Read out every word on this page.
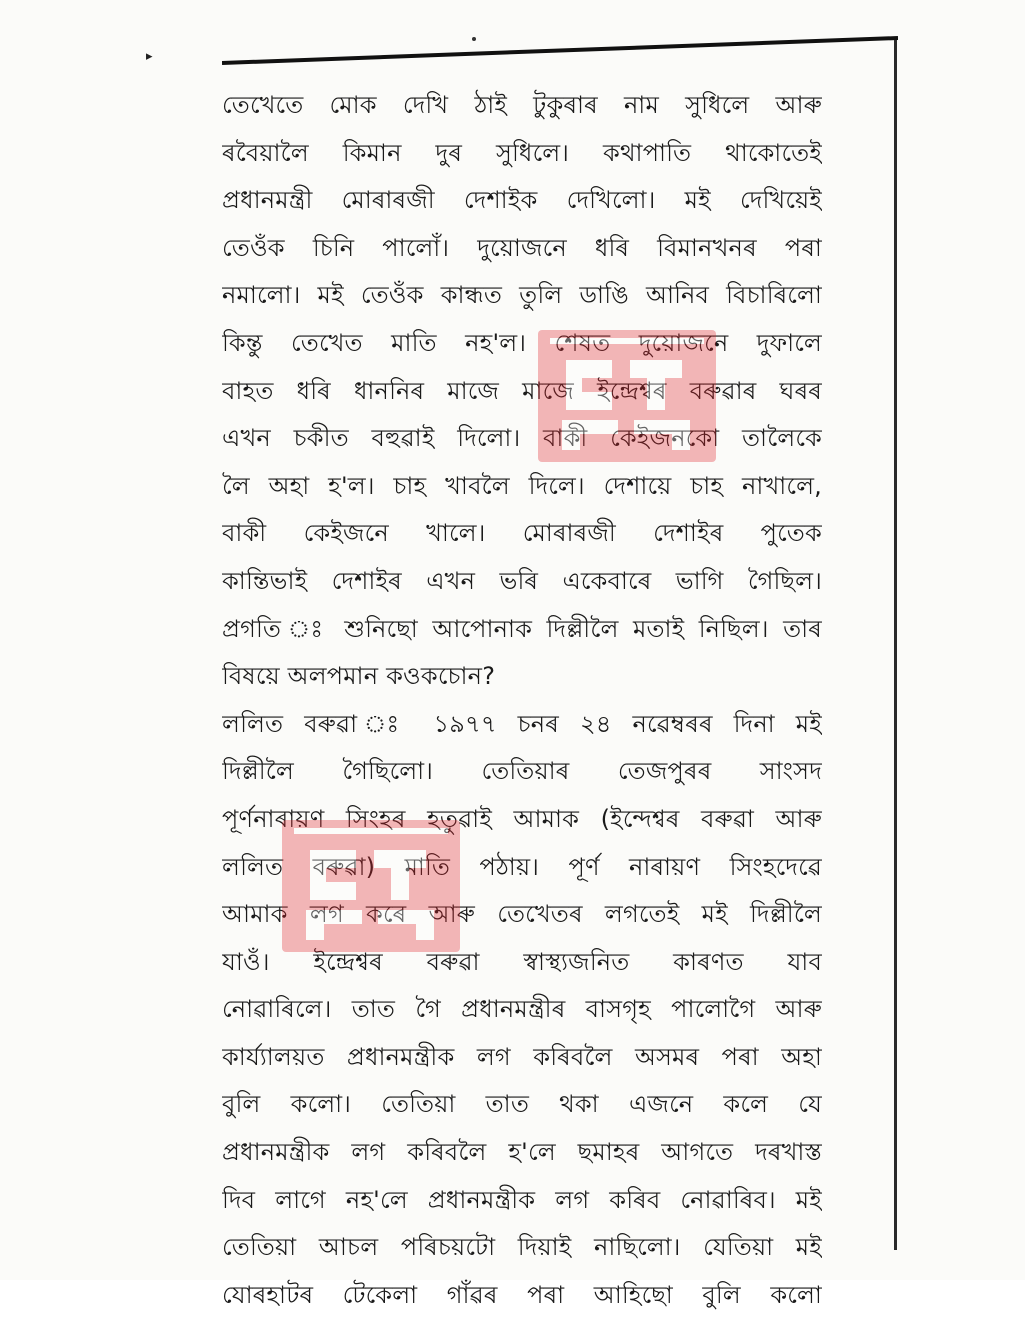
▸
তেখেতে মোক দেখি ঠাই টুকুৰাৰ নাম সুধিলে আৰু
ৰবৈয়ালৈ কিমান দুৰ সুধিলে। কথাপাতি থাকোতেই
প্ৰধানমন্ত্ৰী মোৰাৰজী দেশাইক দেখিলো। মই দেখিয়েই
তেওঁক চিনি পালোঁ। দুয়োজনে ধৰি বিমানখনৰ পৰা
নমালো। মই তেওঁক কান্ধত তুলি ডাঙি আনিব বিচাৰিলো
কিন্তু তেখেত মাতি নহ'ল। শেষত দুয়োজনে দুফালে
বাহত ধৰি ধাননিৰ মাজে মাজে ইন্দ্ৰেশ্বৰ বৰুৱাৰ ঘৰৰ
এখন চকীত বহুৱাই দিলো। বাকী কেইজনকো তালৈকে
লৈ অহা হ'ল। চাহ খাবলৈ দিলে। দেশায়ে চাহ নাখালে,
বাকী কেইজনে খালে। মোৰাৰজী দেশাইৰ পুতেক
কান্তিভাই দেশাইৰ এখন ভৰি একেবাৰে ভাগি গৈছিল।
প্ৰগতি ঃ শুনিছো আপোনাক দিল্লীলৈ মতাই নিছিল। তাৰ
বিষয়ে অলপমান কওকচোন?
ললিত বৰুৱা ঃ ১৯৭৭ চনৰ ২৪ নৱেম্বৰৰ দিনা মই
দিল্লীলৈ গৈছিলো। তেতিয়াৰ তেজপুৰৰ সাংসদ
পূৰ্ণনাৰায়ণ সিংহৰ হতুৱাই আমাক (ইন্দেশ্বৰ বৰুৱা আৰু
ললিত বৰুৱা) মাতি পঠায়। পূৰ্ণ নাৰায়ণ সিংহদেৱে
আমাক লগ কৰে আৰু তেখেতৰ লগতেই মই দিল্লীলৈ
যাওঁ। ইন্দ্ৰেশ্বৰ বৰুৱা স্বাস্থ্যজনিত কাৰণত যাব
নোৱাৰিলে। তাত গৈ প্ৰধানমন্ত্ৰীৰ বাসগৃহ পালোগৈ আৰু
কাৰ্য্যালয়ত প্ৰধানমন্ত্ৰীক লগ কৰিবলৈ অসমৰ পৰা অহা
বুলি কলো। তেতিয়া তাত থকা এজনে কলে যে
প্ৰধানমন্ত্ৰীক লগ কৰিবলৈ হ'লে ছমাহৰ আগতে দৰখাস্ত
দিব লাগে নহ'লে প্ৰধানমন্ত্ৰীক লগ কৰিব নোৱাৰিব। মই
তেতিয়া আচল পৰিচয়টো দিয়াই নাছিলো। যেতিয়া মই
যোৰহাটৰ টেকেলা গাঁৱৰ পৰা আহিছো বুলি কলো
